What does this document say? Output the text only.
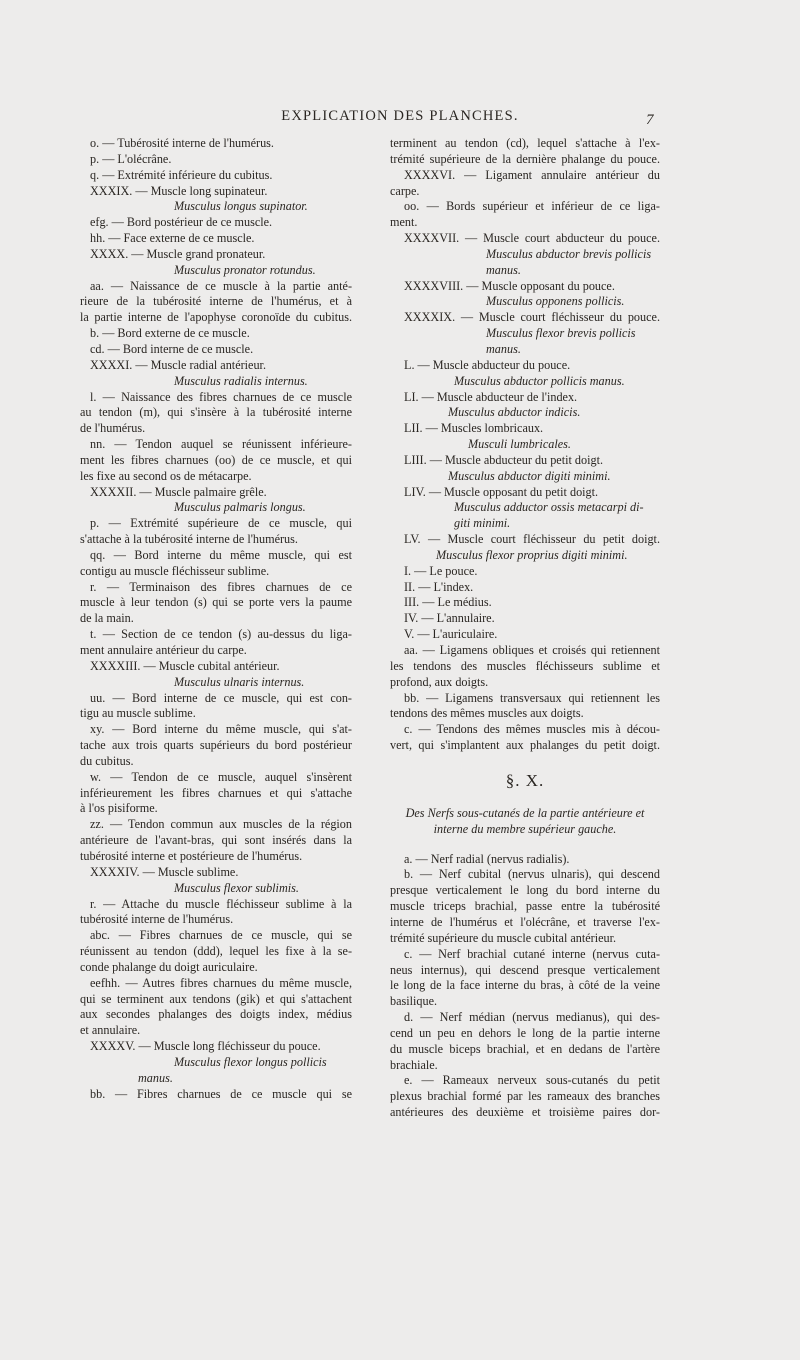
EXPLICATION DES PLANCHES.	7
o. — Tubérosité interne de l'humérus.
p. — L'olécrâne.
q. — Extrémité inférieure du cubitus.
XXXIX. — Muscle long supinateur.
Musculus longus supinator.
efg. — Bord postérieur de ce muscle.
hh. — Face externe de ce muscle.
XXXX. — Muscle grand pronateur.
Musculus pronator rotundus.
aa. — Naissance de ce muscle à la partie anté-
rieure de la tubérosité interne de l'humérus, et à
la partie interne de l'apophyse coronoïde du cubitus.
b. — Bord externe de ce muscle.
cd. — Bord interne de ce muscle.
XXXXI. — Muscle radial antérieur.
Musculus radialis internus.
l. — Naissance des fibres charnues de ce muscle
au tendon (m), qui s'insère à la tubérosité interne
de l'humérus.
nn. — Tendon auquel se réunissent inférieure-
ment les fibres charnues (oo) de ce muscle, et qui
les fixe au second os de métacarpe.
XXXXII. — Muscle palmaire grêle.
Musculus palmaris longus.
p. — Extrémité supérieure de ce muscle, qui
s'attache à la tubérosité interne de l'humérus.
qq. — Bord interne du même muscle, qui est
contigu au muscle fléchisseur sublime.
r. — Terminaison des fibres charnues de ce
muscle à leur tendon (s) qui se porte vers la paume
de la main.
t. — Section de ce tendon (s) au-dessus du liga-
ment annulaire antérieur du carpe.
XXXXIII. — Muscle cubital antérieur.
Musculus ulnaris internus.
uu. — Bord interne de ce muscle, qui est con-
tigu au muscle sublime.
xy. — Bord interne du même muscle, qui s'at-
tache aux trois quarts supérieurs du bord postérieur
du cubitus.
w. — Tendon de ce muscle, auquel s'insèrent
inférieurement les fibres charnues et qui s'attache
à l'os pisiforme.
zz. — Tendon commun aux muscles de la région
antérieure de l'avant-bras, qui sont insérés dans la
tubérosité interne et postérieure de l'humérus.
XXXXIV. — Muscle sublime.
Musculus flexor sublimis.
r. — Attache du muscle fléchisseur sublime à la
tubérosité interne de l'humérus.
abc. — Fibres charnues de ce muscle, qui se
réunissent au tendon (ddd), lequel les fixe à la se-
conde phalange du doigt auriculaire.
eefhh. — Autres fibres charnues du même muscle,
qui se terminent aux tendons (gik) et qui s'attachent
aux secondes phalanges des doigts index, médius
et annulaire.
XXXXV. — Muscle long fléchisseur du pouce.
Musculus flexor longus pollicis
manus.
bb. — Fibres charnues de ce muscle qui se
terminent au tendon (cd), lequel s'attache à l'ex-
trémité supérieure de la dernière phalange du pouce.
XXXXVI. — Ligament annulaire antérieur du
carpe.
oo. — Bords supérieur et inférieur de ce liga-
ment.
XXXXVII. — Muscle court abducteur du pouce.
Musculus abductor brevis pollicis
manus.
XXXXVIII. — Muscle opposant du pouce.
Musculus opponens pollicis.
XXXXIX. — Muscle court fléchisseur du pouce.
Musculus flexor brevis pollicis
manus.
L. — Muscle abducteur du pouce.
Musculus abductor pollicis manus.
LI. — Muscle abducteur de l'index.
Musculus abductor indicis.
LII. — Muscles lombricaux.
Musculi lumbricales.
LIII. — Muscle abducteur du petit doigt.
Musculus abductor digiti minimi.
LIV. — Muscle opposant du petit doigt.
Musculus adductor ossis metacarpi di-
giti minimi.
LV. — Muscle court fléchisseur du petit doigt.
Musculus flexor proprius digiti minimi.
I. — Le pouce.
II. — L'index.
III. — Le médius.
IV. — L'annulaire.
V. — L'auriculaire.
aa. — Ligamens obliques et croisés qui retiennent
les tendons des muscles fléchisseurs sublime et
profond, aux doigts.
bb. — Ligamens transversaux qui retiennent les
tendons des mêmes muscles aux doigts.
c. — Tendons des mêmes muscles mis à décou-
vert, qui s'implantent aux phalanges du petit doigt.
§. X.
Des Nerfs sous-cutanés de la partie antérieure et
interne du membre supérieur gauche.
a. — Nerf radial (nervus radialis).
b. — Nerf cubital (nervus ulnaris), qui descend
presque verticalement le long du bord interne du
muscle triceps brachial, passe entre la tubérosité
interne de l'humérus et l'olécrâne, et traverse l'ex-
trémité supérieure du muscle cubital antérieur.
c. — Nerf brachial cutané interne (nervus cuta-
neus internus), qui descend presque verticalement
le long de la face interne du bras, à côté de la veine
basilique.
d. — Nerf médian (nervus medianus), qui des-
cend un peu en dehors le long de la partie interne
du muscle biceps brachial, et en dedans de l'artère
brachiale.
e. — Rameaux nerveux sous-cutanés du petit
plexus brachial formé par les rameaux des branches
antérieures des deuxième et troisième paires dor-
